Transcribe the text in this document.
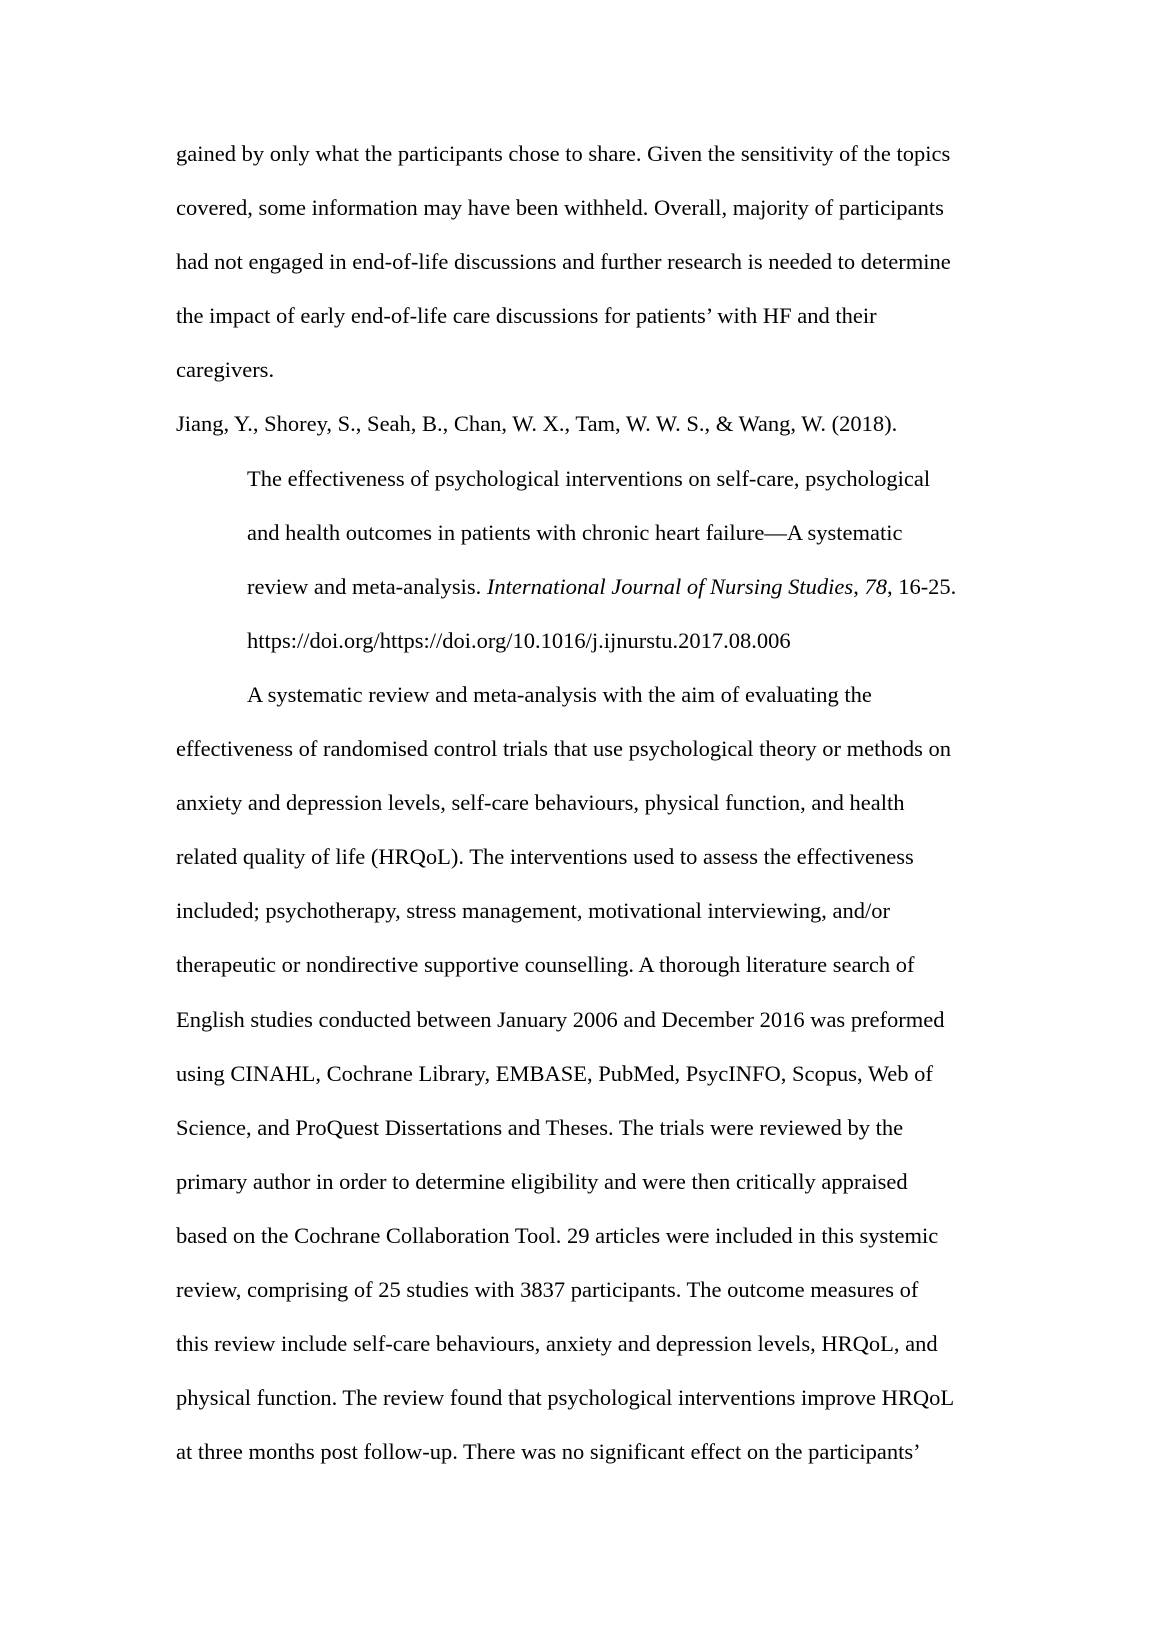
gained by only what the participants chose to share. Given the sensitivity of the topics
covered, some information may have been withheld. Overall, majority of participants
had not engaged in end-of-life discussions and further research is needed to determine
the impact of early end-of-life care discussions for patients’ with HF and their
caregivers.
Jiang, Y., Shorey, S., Seah, B., Chan, W. X., Tam, W. W. S., & Wang, W. (2018).
The effectiveness of psychological interventions on self-care, psychological
and health outcomes in patients with chronic heart failure—A systematic
review and meta-analysis. International Journal of Nursing Studies, 78, 16-25.
https://doi.org/https://doi.org/10.1016/j.ijnurstu.2017.08.006
A systematic review and meta-analysis with the aim of evaluating the
effectiveness of randomised control trials that use psychological theory or methods on
anxiety and depression levels, self-care behaviours, physical function, and health
related quality of life (HRQoL). The interventions used to assess the effectiveness
included; psychotherapy, stress management, motivational interviewing, and/or
therapeutic or nondirective supportive counselling. A thorough literature search of
English studies conducted between January 2006 and December 2016 was preformed
using CINAHL, Cochrane Library, EMBASE, PubMed, PsycINFO, Scopus, Web of
Science, and ProQuest Dissertations and Theses. The trials were reviewed by the
primary author in order to determine eligibility and were then critically appraised
based on the Cochrane Collaboration Tool. 29 articles were included in this systemic
review, comprising of 25 studies with 3837 participants. The outcome measures of
this review include self-care behaviours, anxiety and depression levels, HRQoL, and
physical function. The review found that psychological interventions improve HRQoL
at three months post follow-up. There was no significant effect on the participants’
